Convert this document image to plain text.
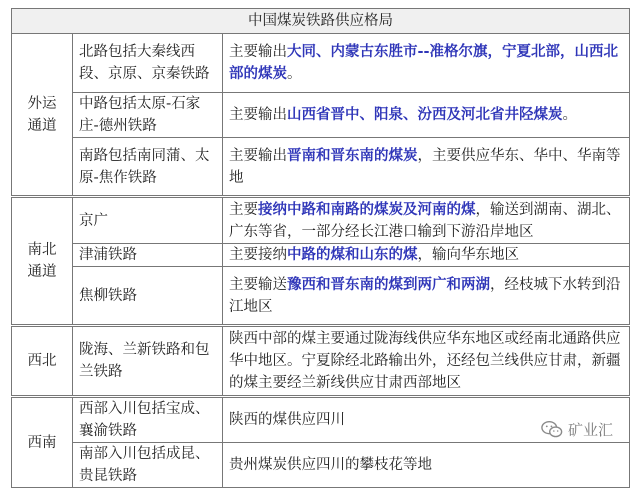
中国煤炭铁路供应格局		
外运通道	北路包括大秦线西段、京原、京秦铁路	主要输出大同、内蒙古东胜市--准格尔旗，宁夏北部，山西北部的煤炭。
	中路包括太原-石家庄-德州铁路	主要输出山西省晋中、阳泉、汾西及河北省井陉煤炭。
	南路包括南同蒲、太原-焦作铁路	主要输出晋南和晋东南的煤炭，主要供应华东、华中、华南等地
南北通道	京广	主要接纳中路和南路的煤炭及河南的煤，输送到湖南、湖北、广东等省，一部分经长江港口输到下游沿岸地区
	津浦铁路	主要接纳中路的煤和山东的煤，输向华东地区
	焦柳铁路	主要输送豫西和晋东南的煤到两广和两湖，经枝城下水转到沿江地区
西北	陇海、兰新铁路和包兰铁路	陕西中部的煤主要通过陇海线供应华东地区或经南北通路供应华中地区。宁夏除经北路输出外，还经包兰线供应甘肃，新疆的煤主要经兰新线供应甘肃西部地区
西南	西部入川包括宝成、襄渝铁路	陕西的煤供应四川
	南部入川包括成昆、贵昆铁路	贵州煤炭供应四川的攀枝花等地
矿业汇
